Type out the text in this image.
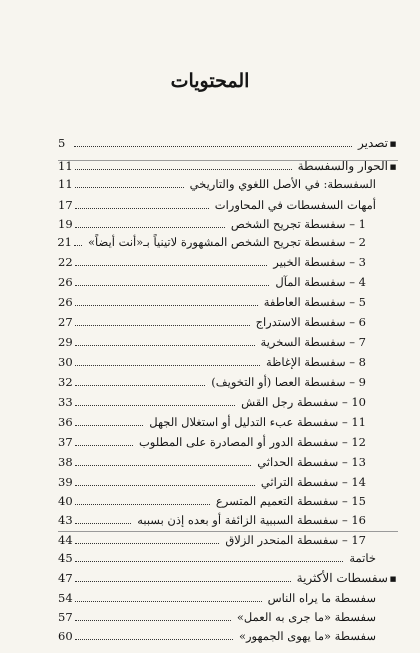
المحتويات
■
تصدير
5
■
الحوار والسفسطة
11
السفسطة: في الأصل اللغوي والتاريخي
11
أمهات السفسطات في المحاورات
17
1 – سفسطة تجريح الشخص
19
2 – سفسطة تجريح الشخص المشهورة لاتينياً بـ«أنت أيضاً»
21
3 – سفسطة الخبير
22
4 – سفسطة المآل
26
5 – سفسطة العاطفة
26
6 – سفسطة الاستدراج
27
7 – سفسطة السخرية
29
8 – سفسطة الإغاظة
30
9 – سفسطة العصا (أو التخويف)
32
10 – سفسطة رجل القش
33
11 – سفسطة عبء التدليل أو استغلال الجهل
36
12 – سفسطة الدور أو المصادرة على المطلوب
37
13 – سفسطة الحداثي
38
14 – سفسطة التراثي
39
15 – سفسطة التعميم المتسرع
40
16 – سفسطة السببية الزائفة أو بعده إذن بسببه
43
17 – سفسطة المنحدر الزلاق
44
خاتمة
45
■
سفسطات الأكثرية
47
سفسطة ما يراه الناس
54
سفسطة «ما جرى به العمل»
57
سفسطة «ما يهوى الجمهور»
60
